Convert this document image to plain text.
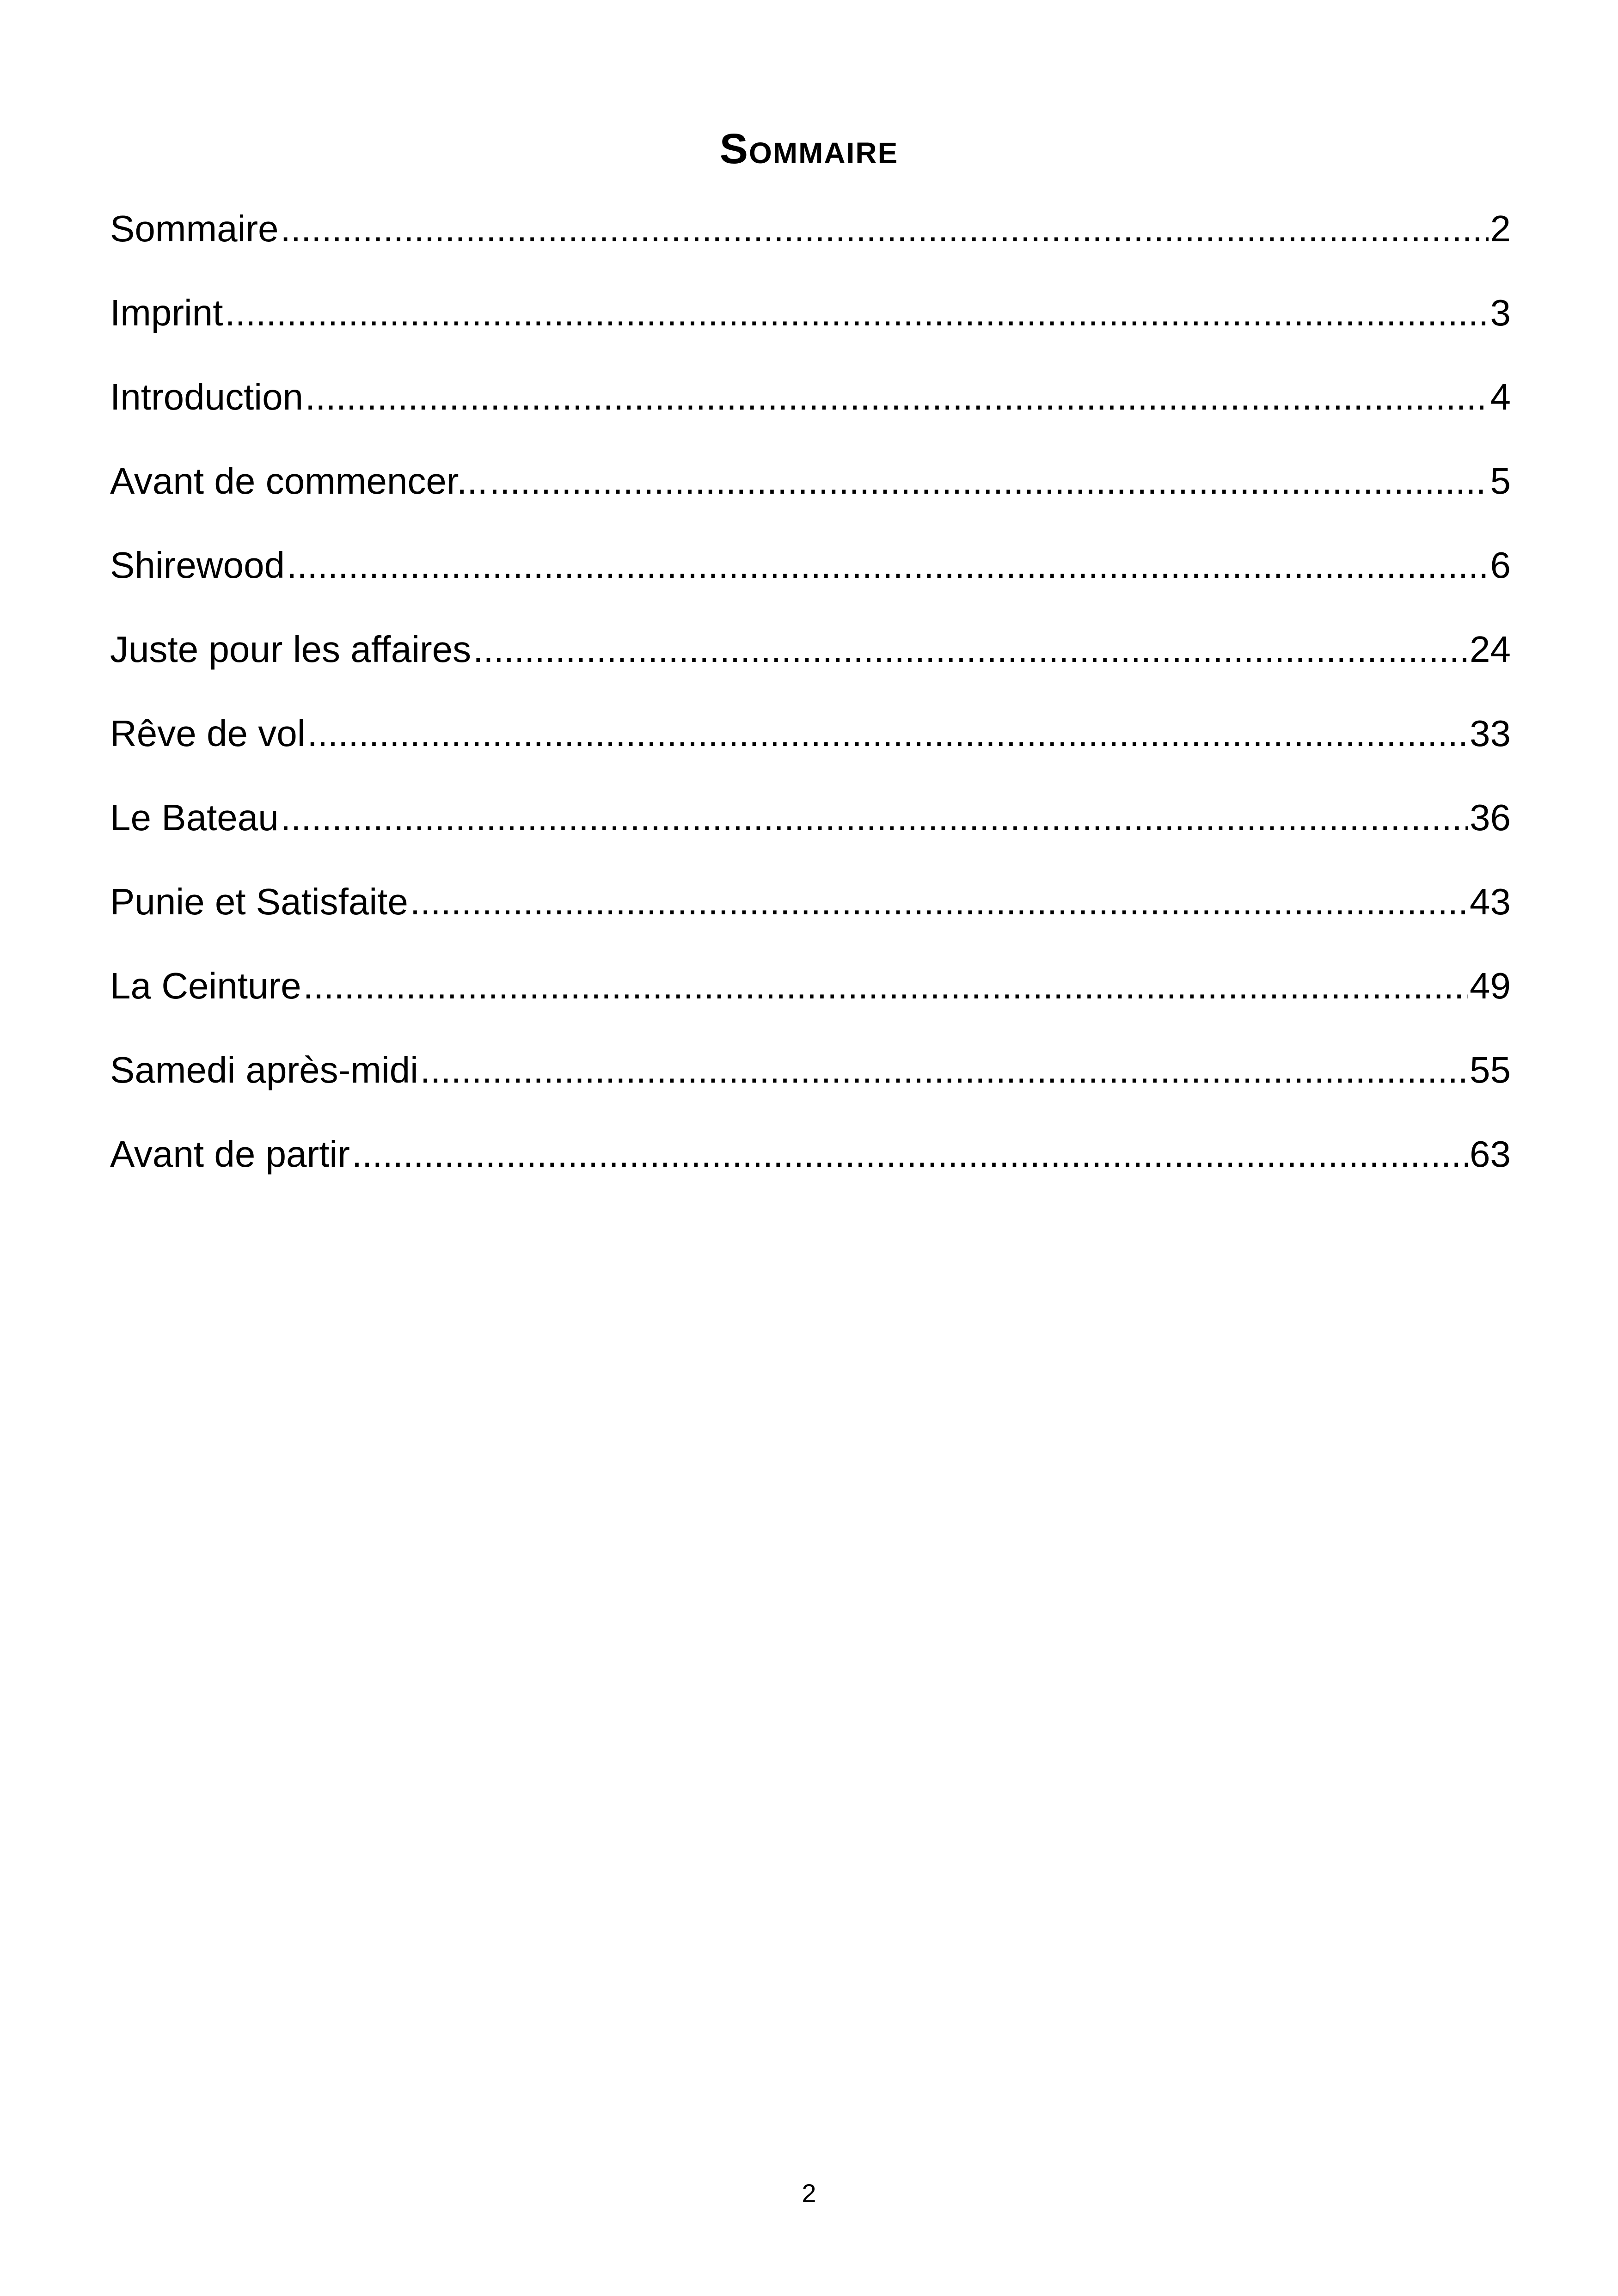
Sommaire
Sommaire .....	2
Imprint .....	3
Introduction .....	4
Avant de commencer... .....	5
Shirewood .....	6
Juste pour les affaires .....	24
Rêve de vol .....	33
Le Bateau .....	36
Punie et Satisfaite .....	43
La Ceinture .....	49
Samedi après-midi .....	55
Avant de partir .....	63
2
